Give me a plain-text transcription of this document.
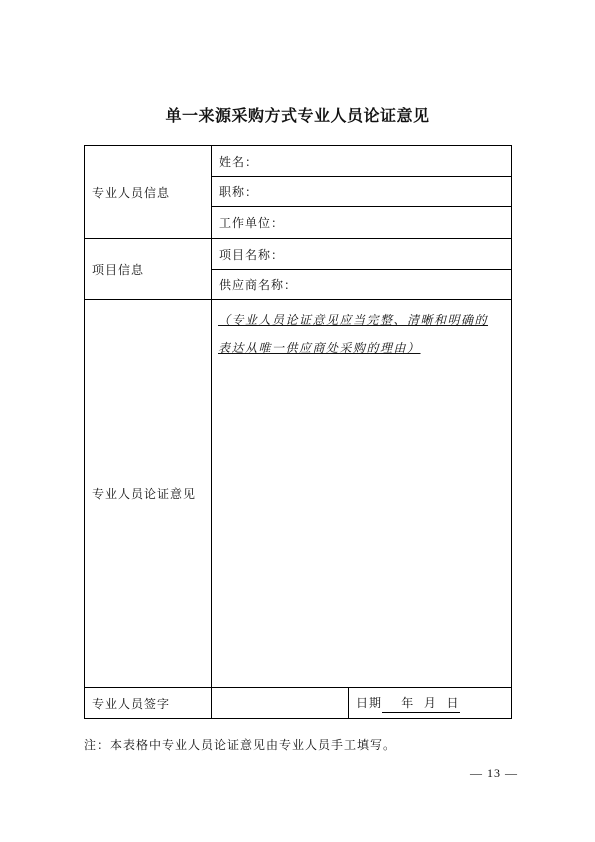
单一来源采购方式专业人员论证意见
专业人员信息	姓名：	
	职称：	
	工作单位：	
项目信息	项目名称：	
	供应商名称：	
专业人员论证意见	（专业人员论证意见应当完整、清晰和明确的
表达从唯一供应商处采购的理由）	

专业人员签字		日期    年  月  日
注：本表格中专业人员论证意见由专业人员手工填写。
— 13 —
